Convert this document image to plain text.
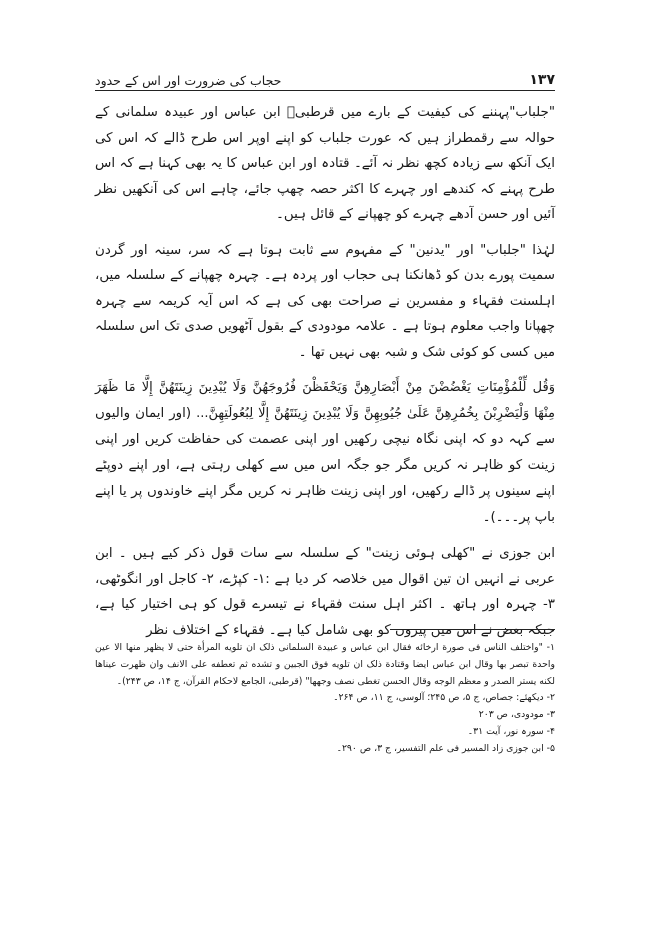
۱۳۷
حجاب کی ضرورت اور اس کے حدود

"جلباب"پہننے کی کیفیت کے بارے میں قرطبیؒ ابن عباس اور عبیدہ سلمانی کے حوالہ سے رقمطراز ہیں کہ عورت جلباب کو اپنے اوپر اس طرح ڈالے کہ اس کی ایک آنکھ سے زیادہ کچھ نظر نہ آئے۔ قتادہ اور ابن عباس کا یہ بھی کہنا ہے کہ اس طرح پہنے کہ کندھے اور چہرے کا اکثر حصہ چھپ جائے، چاہے اس کی آنکھیں نظر آئیں اور حسن آدھے چہرے کو چھپانے کے قائل ہیں۔

لہٰذا "جلباب" اور "یدنین" کے مفہوم سے ثابت ہوتا ہے کہ سر، سینہ اور گردن سمیت پورے بدن کو ڈھانکنا ہی حجاب اور پردہ ہے۔ چہرہ چھپانے کے سلسلہ میں، اہلسنت فقہاء و مفسرین نے صراحت بھی کی ہے کہ اس آیہ کریمہ سے چہرہ چھپانا واجب معلوم ہوتا ہے ۔ علامہ مودودی کے بقول آٹھویں صدی تک اس سلسلہ میں کسی کو کوئی شک و شبہ بھی نہیں تھا ۔

وَقُل لِّلْمُؤْمِنَاتِ يَغْضُضْنَ مِنْ أَبْصَارِهِنَّ وَيَحْفَظْنَ فُرُوجَهُنَّ وَلَا يُبْدِينَ زِينَتَهُنَّ إِلَّا مَا ظَهَرَ مِنْهَا وَلْيَضْرِبْنَ بِخُمُرِهِنَّ عَلَىٰ جُيُوبِهِنَّ وَلَا يُبْدِينَ زِينَتَهُنَّ إِلَّا لِبُعُولَتِهِنَّ... (اور ایمان والیوں سے کہہ دو کہ اپنی نگاہ نیچی رکھیں اور اپنی عصمت کی حفاظت کریں اور اپنی زینت کو ظاہر نہ کریں مگر جو جگہ اس میں سے کھلی رہتی ہے، اور اپنے دوپٹے اپنے سینوں پر ڈالے رکھیں، اور اپنی زینت ظاہر نہ کریں مگر اپنے خاوندوں پر یا اپنے باپ پر۔۔۔)۔

ابن جوزی نے "کھلی ہوئی زینت" کے سلسلہ سے سات قول ذکر کیے ہیں ۔ ابن عربی نے انہیں ان تین اقوال میں خلاصہ کر دیا ہے :۱- کپڑے، ۲- کاجل اور انگوٹھی، ۳- چہرہ اور ہاتھ ۔ اکثر اہل سنت فقہاء نے تیسرے قول کو ہی اختیار کیا ہے، جبکہ بعض نے اس میں پیروں کو بھی شامل کیا ہے۔ فقہاء کے اختلاف نظر

۱- "واختلف الناس فی صورة ارخائه فقال ابن عباس و عبیدة السلمانی ذلک ان تلویه المرأة حتی لا یظهر منها الا عین واحدة تبصر بها وقال ابن عباس ایضا وقتادة ذلک ان تلویه فوق الجبین و تشده ثم تعطفه علی الانف وان ظهرت عیناها لکنه یستر الصدر و معظم الوجه وقال الحسن تغطی نصف وجهها" (قرطبی، الجامع لاحکام القرآن، ج ۱۴، ص ۲۴۳)۔

۲- دیکھئے: جصاص، ج ۵، ص ۲۴۵؛ آلوسی، ج ۱۱، ص ۲۶۴۔

۳- مودودی، ص ۲۰۳

۴- سورہ نور، آیت ۳۱۔

۵- ابن جوزی زاد المسیر فی علم التفسیر، ج ۳، ص ۲۹۰۔
